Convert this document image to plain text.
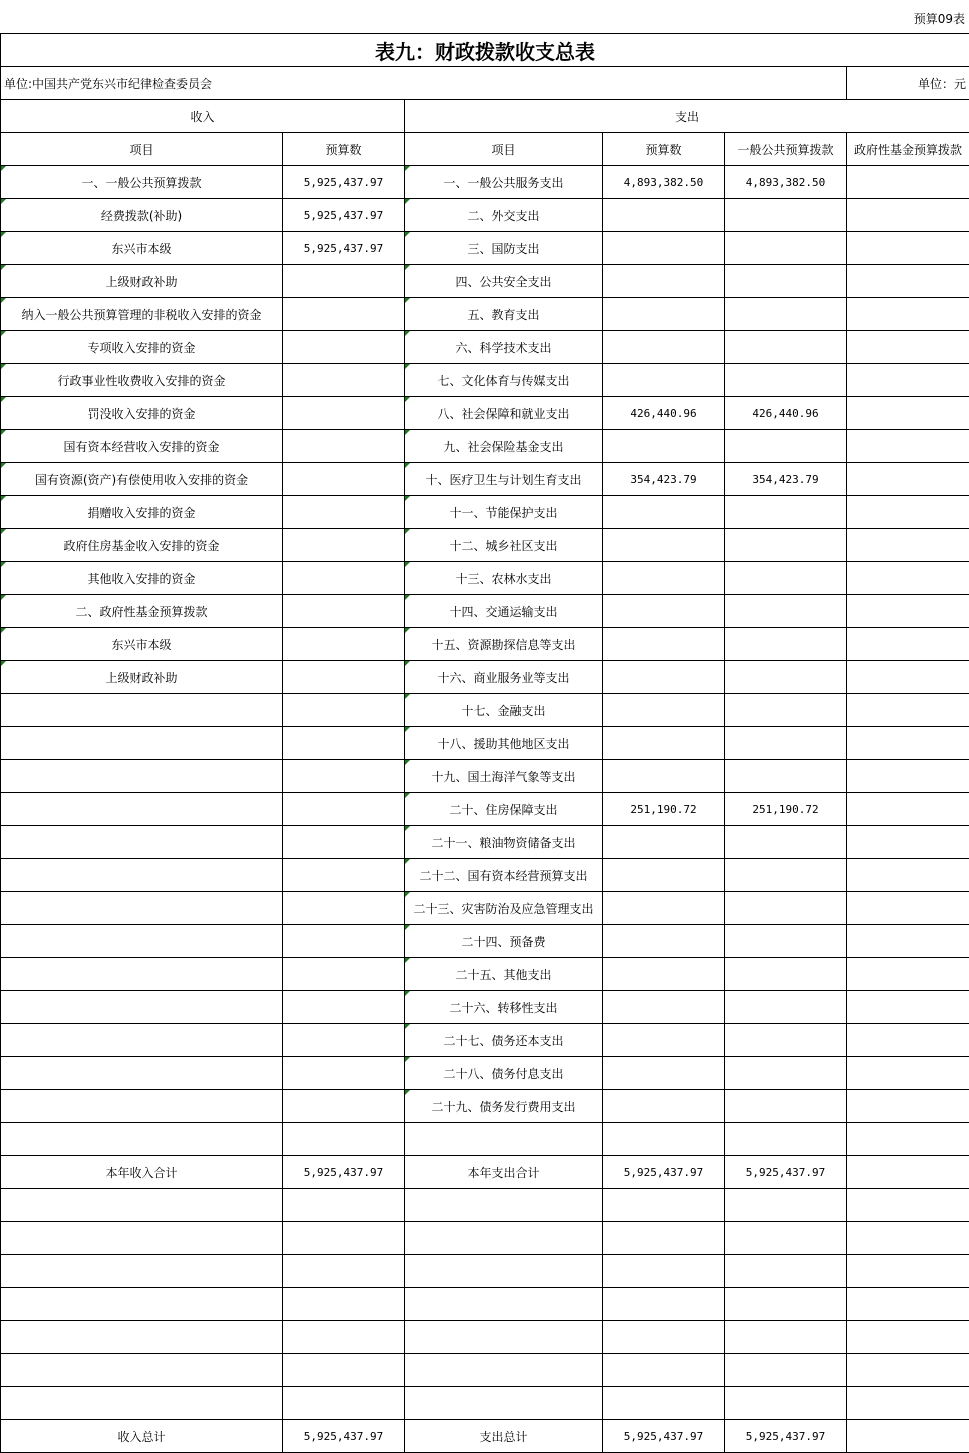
预算09表
表九：财政拨款收支总表					
单位:中国共产党东兴市纪律检查委员会					单位：元
收入		支出			
项目	预算数	项目	预算数	一般公共预算拨款	政府性基金预算拨款
一、一般公共预算拨款	5,925,437.97	一、一般公共服务支出	4,893,382.50	4,893,382.50	
经费拨款(补助)	5,925,437.97	二、外交支出			
东兴市本级	5,925,437.97	三、国防支出			
上级财政补助		四、公共安全支出			
纳入一般公共预算管理的非税收入安排的资金		五、教育支出			
专项收入安排的资金		六、科学技术支出			
行政事业性收费收入安排的资金		七、文化体育与传媒支出			
罚没收入安排的资金		八、社会保障和就业支出	426,440.96	426,440.96	
国有资本经营收入安排的资金		九、社会保险基金支出			
国有资源(资产)有偿使用收入安排的资金		十、医疗卫生与计划生育支出	354,423.79	354,423.79	
捐赠收入安排的资金		十一、节能保护支出			
政府住房基金收入安排的资金		十二、城乡社区支出			
其他收入安排的资金		十三、农林水支出			
二、政府性基金预算拨款		十四、交通运输支出			
东兴市本级		十五、资源勘探信息等支出			
上级财政补助		十六、商业服务业等支出			
		十七、金融支出			
		十八、援助其他地区支出			
		十九、国土海洋气象等支出			
		二十、住房保障支出	251,190.72	251,190.72	
		二十一、粮油物资储备支出			
		二十二、国有资本经营预算支出			
		二十三、灾害防治及应急管理支出			
		二十四、预备费			
		二十五、其他支出			
		二十六、转移性支出			
		二十七、债务还本支出			
		二十八、债务付息支出			
		二十九、债务发行费用支出			

本年收入合计	5,925,437.97	本年支出合计	5,925,437.97	5,925,437.97	

收入总计	5,925,437.97	支出总计	5,925,437.97	5,925,437.97	
